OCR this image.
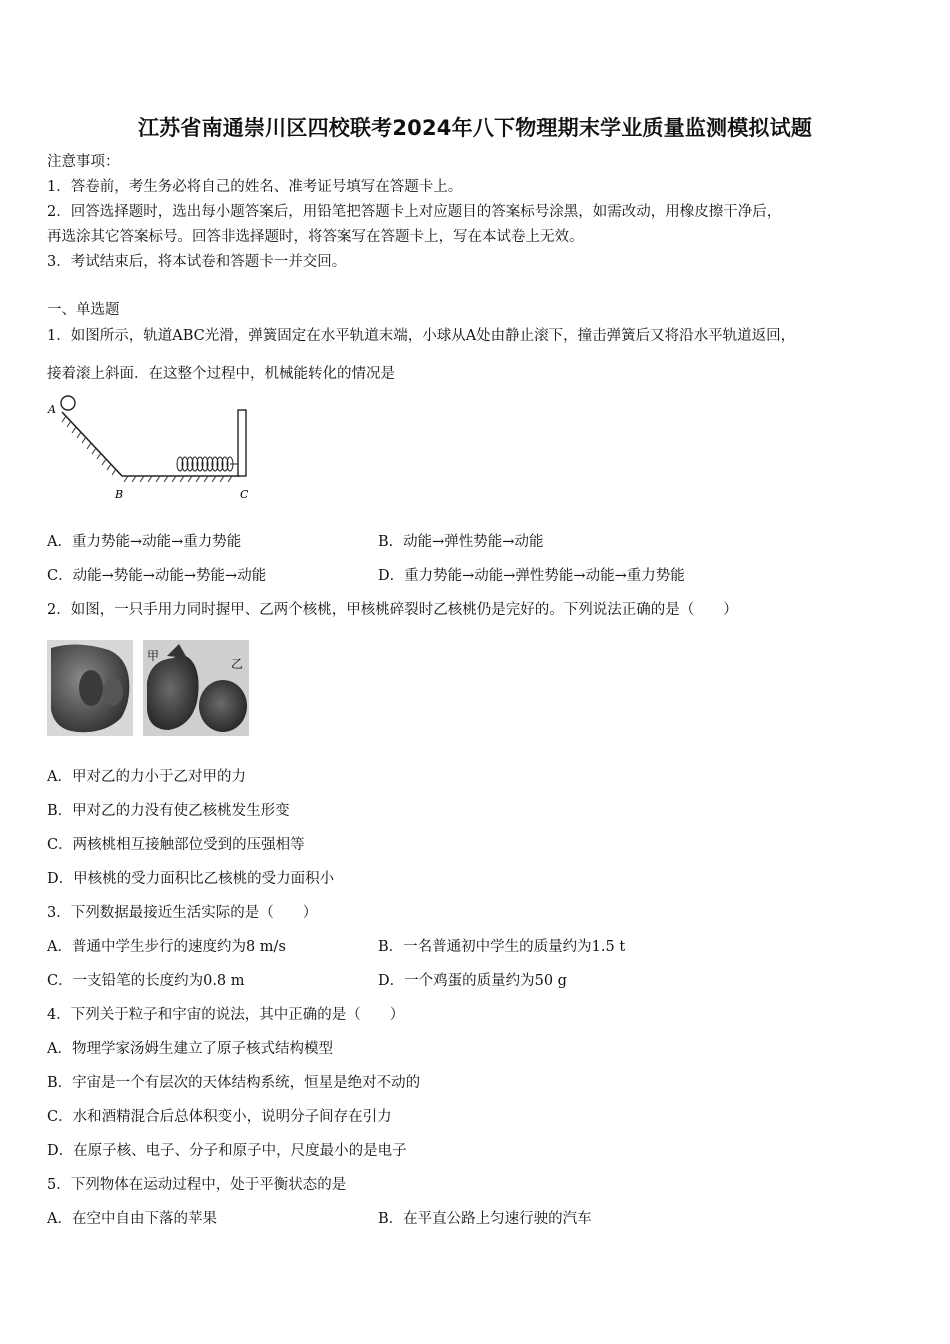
江苏省南通崇川区四校联考2024年八下物理期末学业质量监测模拟试题
注意事项：
1．答卷前，考生务必将自己的姓名、准考证号填写在答题卡上。
2．回答选择题时，选出每小题答案后，用铅笔把答题卡上对应题目的答案标号涂黑，如需改动，用橡皮擦干净后，
再选涂其它答案标号。回答非选择题时，将答案写在答题卡上，写在本试卷上无效。
3．考试结束后，将本试卷和答题卡一并交回。
一、单选题
1．如图所示，轨道ABC光滑，弹簧固定在水平轨道末端，小球从A处由静止滚下，撞击弹簧后又将沿水平轨道返回，
接着滚上斜面．在这整个过程中，机械能转化的情况是
A
B	C
A．重力势能→动能→重力势能	B．动能→弹性势能→动能
C．动能→势能→动能→势能→动能	D．重力势能→动能→弹性势能→动能→重力势能
2．如图，一只手用力同时握甲、乙两个核桃，甲核桃碎裂时乙核桃仍是完好的。下列说法正确的是（　　）
甲
乙
A．甲对乙的力小于乙对甲的力
B．甲对乙的力没有使乙核桃发生形变
C．两核桃相互接触部位受到的压强相等
D．甲核桃的受力面积比乙核桃的受力面积小
3．下列数据最接近生活实际的是（　　）
A．普通中学生步行的速度约为8 m/s	B．一名普通初中学生的质量约为1.5 t
C．一支铅笔的长度约为0.8 m	D．一个鸡蛋的质量约为50 g
4．下列关于粒子和宇宙的说法，其中正确的是（　　）
A．物理学家汤姆生建立了原子核式结构模型
B．宇宙是一个有层次的天体结构系统，恒星是绝对不动的
C．水和酒精混合后总体积变小，说明分子间存在引力
D．在原子核、电子、分子和原子中，尺度最小的是电子
5．下列物体在运动过程中，处于平衡状态的是
A．在空中自由下落的苹果	B．在平直公路上匀速行驶的汽车
